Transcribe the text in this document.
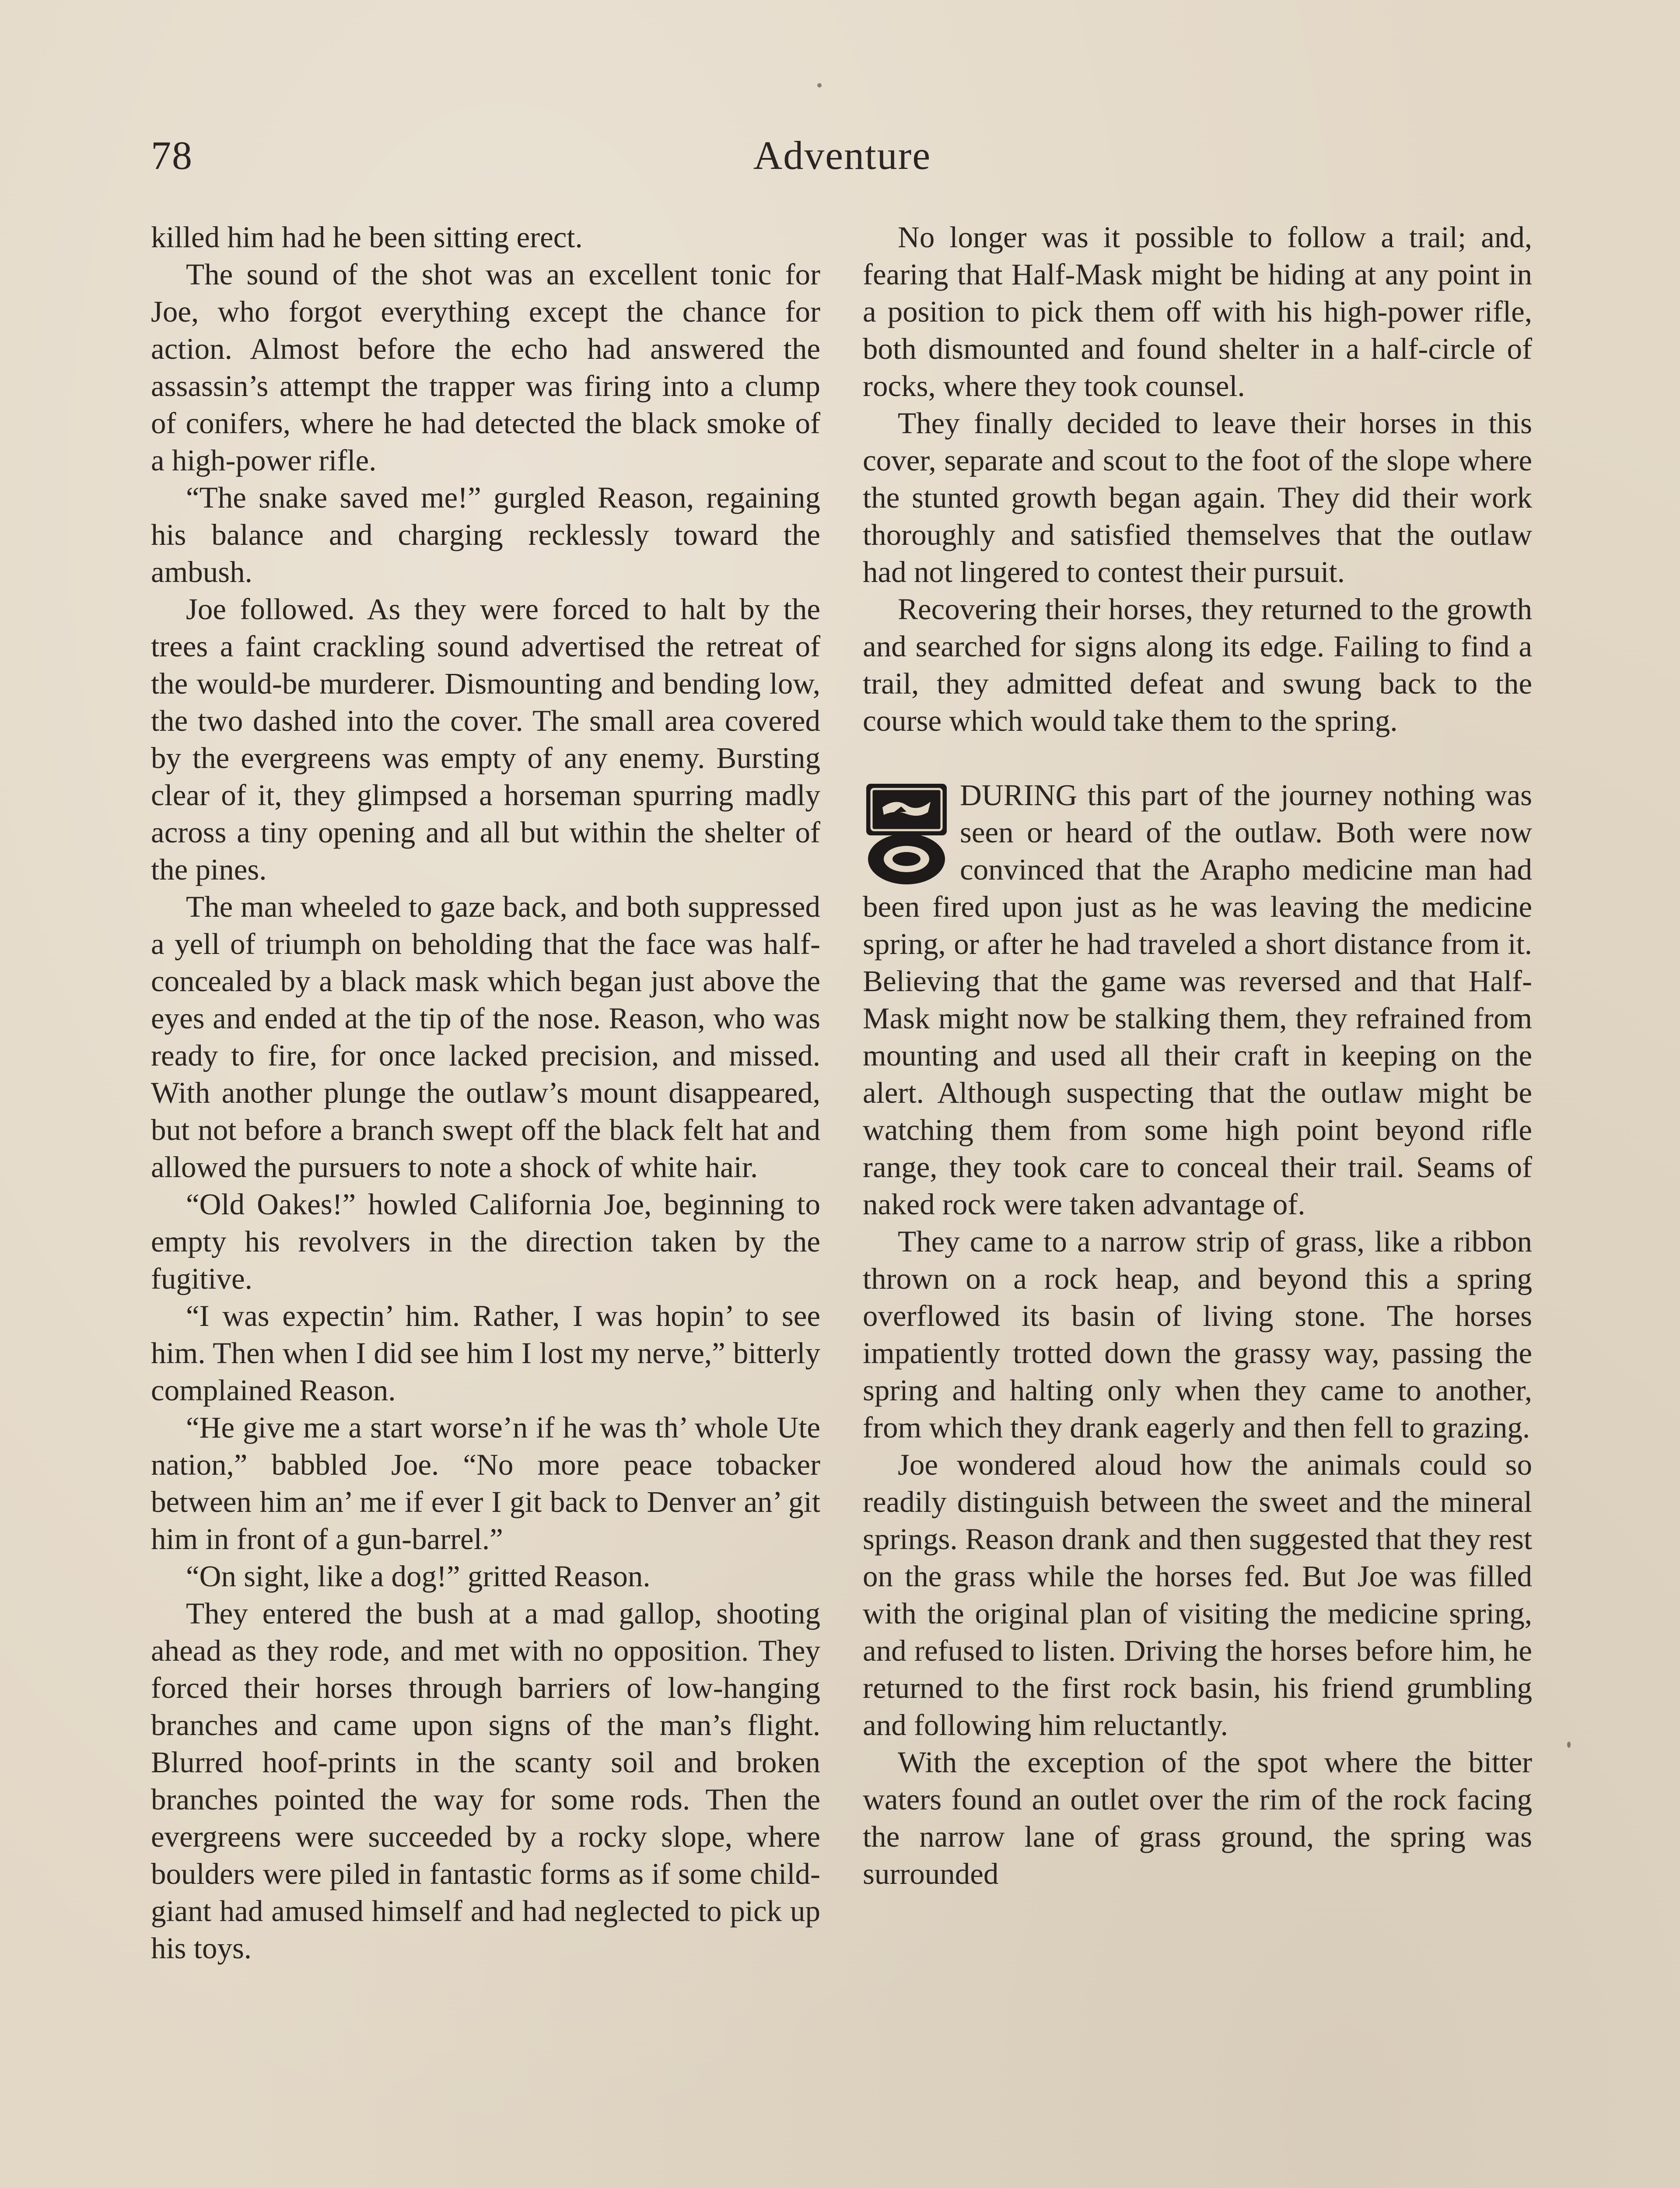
78	Adventure

killed him had he been sitting erect.

The sound of the shot was an excellent tonic for Joe, who forgot everything except the chance for action. Almost before the echo had answered the assassin’s attempt the trapper was firing into a clump of conifers, where he had detected the black smoke of a high-power rifle.

“The snake saved me!” gurgled Reason, regaining his balance and charging recklessly toward the ambush.

Joe followed. As they were forced to halt by the trees a faint crackling sound advertised the retreat of the would-be murderer. Dismounting and bending low, the two dashed into the cover. The small area covered by the evergreens was empty of any enemy. Bursting clear of it, they glimpsed a horseman spurring madly across a tiny opening and all but within the shelter of the pines.

The man wheeled to gaze back, and both suppressed a yell of triumph on beholding that the face was half-concealed by a black mask which began just above the eyes and ended at the tip of the nose. Reason, who was ready to fire, for once lacked precision, and missed. With another plunge the outlaw’s mount disappeared, but not before a branch swept off the black felt hat and allowed the pursuers to note a shock of white hair.

“Old Oakes!” howled California Joe, beginning to empty his revolvers in the direction taken by the fugitive.

“I was expectin’ him. Rather, I was hopin’ to see him. Then when I did see him I lost my nerve,” bitterly complained Reason.

“He give me a start worse’n if he was th’ whole Ute nation,” babbled Joe. “No more peace tobacker between him an’ me if ever I git back to Denver an’ git him in front of a gun-barrel.”

“On sight, like a dog!” gritted Reason.

They entered the bush at a mad gallop, shooting ahead as they rode, and met with no opposition. They forced their horses through barriers of low-hanging branches and came upon signs of the man’s flight. Blurred hoof-prints in the scanty soil and broken branches pointed the way for some rods. Then the evergreens were succeeded by a rocky slope, where boulders were piled in fantastic forms as if some child-giant had amused himself and had neglected to pick up his toys.

No longer was it possible to follow a trail; and, fearing that Half-Mask might be hiding at any point in a position to pick them off with his high-power rifle, both dismounted and found shelter in a half-circle of rocks, where they took counsel.

They finally decided to leave their horses in this cover, separate and scout to the foot of the slope where the stunted growth began again. They did their work thoroughly and satisfied themselves that the outlaw had not lingered to contest their pursuit.

Recovering their horses, they returned to the growth and searched for signs along its edge. Failing to find a trail, they admitted defeat and swung back to the course which would take them to the spring.

DURING this part of the journey nothing was seen or heard of the outlaw. Both were now convinced that the Arapho medicine man had been fired upon just as he was leaving the medicine spring, or after he had traveled a short distance from it. Believing that the game was reversed and that Half-Mask might now be stalking them, they refrained from mounting and used all their craft in keeping on the alert. Although suspecting that the outlaw might be watching them from some high point beyond rifle range, they took care to conceal their trail. Seams of naked rock were taken advantage of.

They came to a narrow strip of grass, like a ribbon thrown on a rock heap, and beyond this a spring overflowed its basin of living stone. The horses impatiently trotted down the grassy way, passing the spring and halting only when they came to another, from which they drank eagerly and then fell to grazing.

Joe wondered aloud how the animals could so readily distinguish between the sweet and the mineral springs. Reason drank and then suggested that they rest on the grass while the horses fed. But Joe was filled with the original plan of visiting the medicine spring, and refused to listen. Driving the horses before him, he returned to the first rock basin, his friend grumbling and following him reluctantly.

With the exception of the spot where the bitter waters found an outlet over the rim of the rock facing the narrow lane of grass ground, the spring was surrounded
